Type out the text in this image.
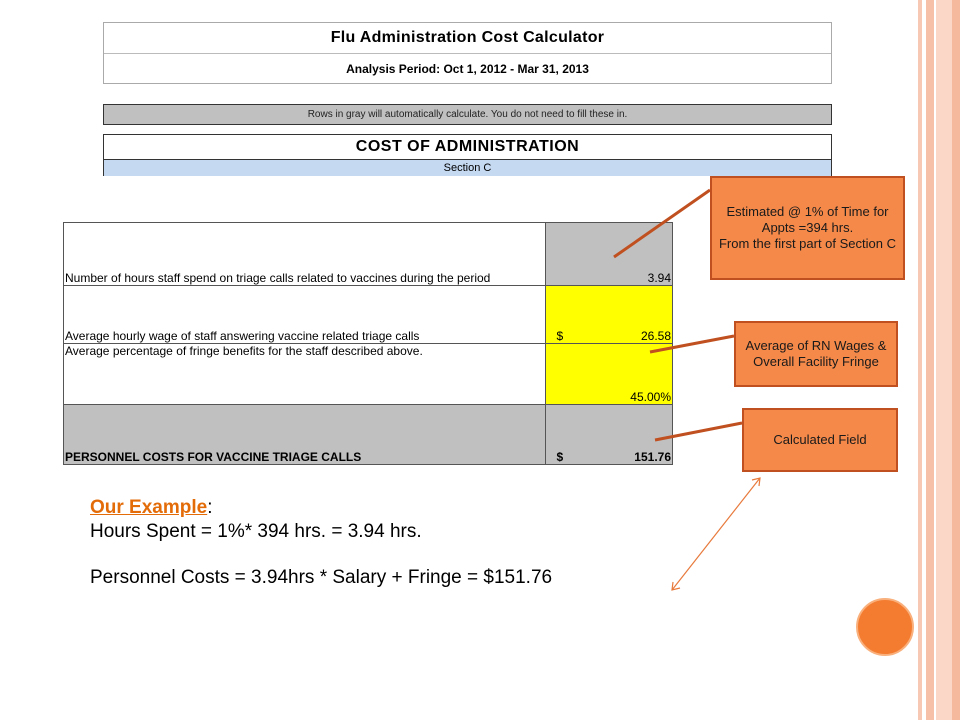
Flu Administration Cost Calculator
Analysis Period: Oct 1, 2012 - Mar 31, 2013
Rows in gray will automatically calculate. You do not need to fill these in.
COST OF ADMINISTRATION
Section C
Number of hours staff spend on triage calls related to vaccines during the period	3.94
Average hourly wage of staff answering vaccine related triage calls	$ 26.58

Average percentage of fringe benefits for the staff described above.	45.00%
PERSONNEL COSTS FOR VACCINE TRIAGE CALLS	$ 151.76
Our Example:
Hours Spent = 1%* 394 hrs. = 3.94 hrs.
Personnel Costs = 3.94hrs * Salary + Fringe = $151.76
Estimated @ 1% of Time for Appts =394 hrs.
From the first part of Section C
Average of RN Wages & Overall Facility Fringe
Calculated Field
